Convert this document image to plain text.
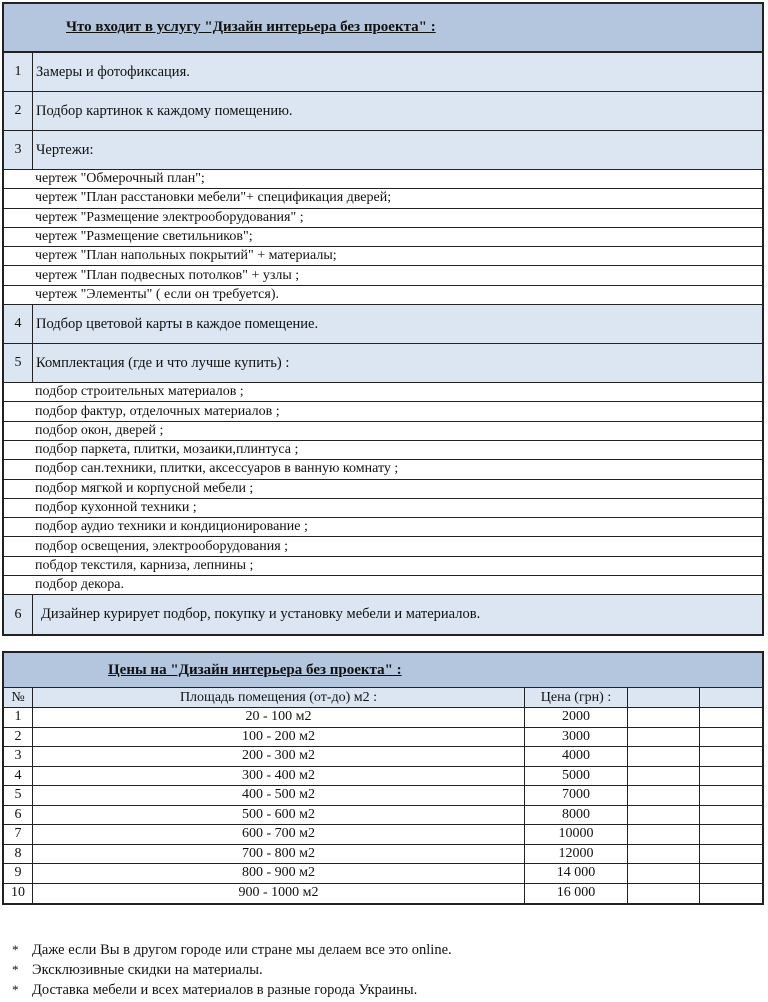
Что входит в услугу "Дизайн интерьера без проекта" :
1	Замеры и фотофиксация.
2	Подбор картинок к каждому помещению.
3	Чертежи:
чертеж "Обмерочный план";
чертеж "План расстановки мебели"+ спецификация дверей;
чертеж "Размещение электрооборудования" ;
чертеж "Размещение светильников";
чертеж "План напольных покрытий" + материалы;
чертеж "План подвесных потолков" + узлы ;
чертеж "Элементы" ( если он требуется).
4	Подбор цветовой карты в каждое помещение.
5	Комплектация (где и что лучше купить) :
подбор строительных материалов ;
подбор фактур, отделочных материалов ;
подбор окон, дверей ;
подбор паркета, плитки, мозаики,плинтуса ;
подбор сан.техники, плитки, аксессуаров в ванную комнату ;
подбор мягкой и корпусной мебели ;
подбор кухонной техники ;
подбор аудио техники и кондиционирование ;
подбор освещения, электрооборудования ;
побдор текстиля, карниза, лепнины ;
подбор декора.
6	Дизайнер курирует подбор, покупку и установку мебели и материалов.
Цены на "Дизайн интерьера без проекта" :
№	Площадь помещения (от-до) м2 :	Цена (грн) :
1	20 - 100 м2	2000
2	100 - 200 м2	3000
3	200 - 300 м2	4000
4	300 - 400 м2	5000
5	400 - 500 м2	7000
6	500 - 600 м2	8000
7	600 - 700 м2	10000
8	700 - 800 м2	12000
9	800 - 900 м2	14 000
10	900 - 1000 м2	16 000
* Даже если Вы в другом городе или стране мы делаем все это online.
* Эксклюзивные скидки на материалы.
* Доставка мебели и всех материалов в разные города Украины.
